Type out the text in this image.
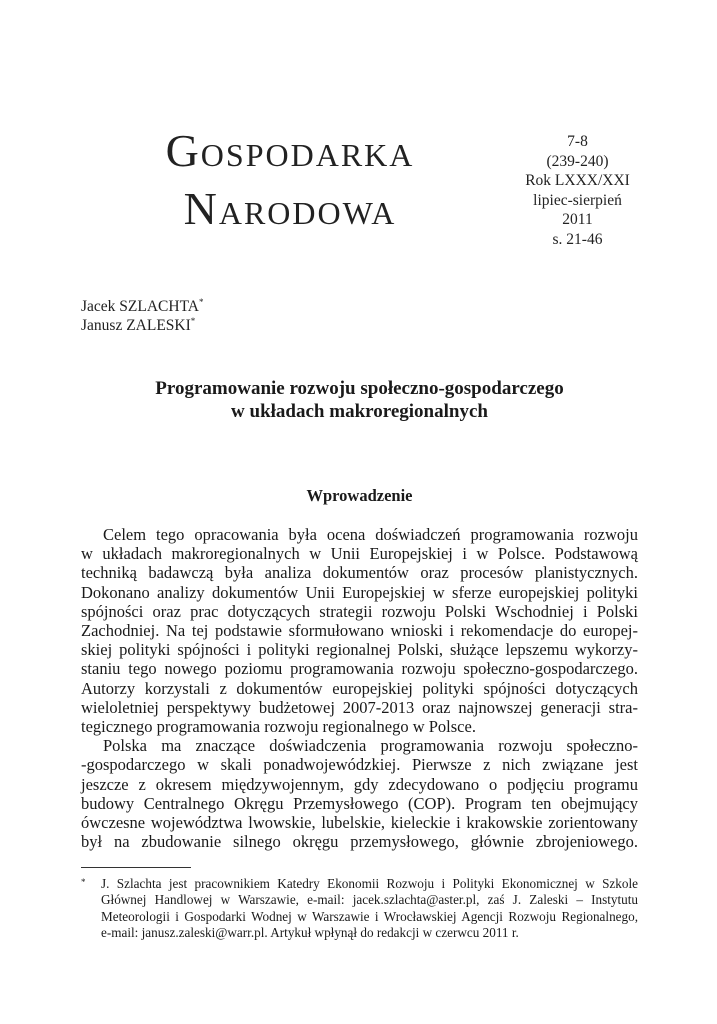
Gospodarka
Narodowa
7-8
(239-240)
Rok LXXX/XXI
lipiec-sierpień
2011
s. 21-46
Jacek SZLACHTA*
Janusz ZALESKI*
Programowanie rozwoju społeczno-gospodarczego
w układach makroregionalnych
Wprowadzenie
Celem tego opracowania była ocena doświadczeń programowania rozwoju
w układach makroregionalnych w Unii Europejskiej i w Polsce. Podstawową
techniką badawczą była analiza dokumentów oraz procesów planistycznych.
Dokonano analizy dokumentów Unii Europejskiej w sferze europejskiej polityki
spójności oraz prac dotyczących strategii rozwoju Polski Wschodniej i Polski
Zachodniej. Na tej podstawie sformułowano wnioski i rekomendacje do europej-
skiej polityki spójności i polityki regionalnej Polski, służące lepszemu wykorzy-
staniu tego nowego poziomu programowania rozwoju społeczno-gospodarczego.
Autorzy korzystali z dokumentów europejskiej polityki spójności dotyczących
wieloletniej perspektywy budżetowej 2007-2013 oraz najnowszej generacji stra-
tegicznego programowania rozwoju regionalnego w Polsce.
Polska ma znaczące doświadczenia programowania rozwoju społeczno-
-gospodarczego w skali ponadwojewódzkiej. Pierwsze z nich związane jest
jeszcze z okresem międzywojennym, gdy zdecydowano o podjęciu programu
budowy Centralnego Okręgu Przemysłowego (COP). Program ten obejmujący
ówczesne województwa lwowskie, lubelskie, kieleckie i krakowskie zorientowany
był na zbudowanie silnego okręgu przemysłowego, głównie zbrojeniowego.
*	J. Szlachta jest pracownikiem Katedry Ekonomii Rozwoju i Polityki Ekonomicznej w Szkole
Głównej Handlowej w Warszawie, e-mail: jacek.szlachta@aster.pl, zaś J. Zaleski – Instytutu
Meteorologii i Gospodarki Wodnej w Warszawie i Wrocławskiej Agencji Rozwoju Regionalnego,
e-mail: janusz.zaleski@warr.pl. Artykuł wpłynął do redakcji w czerwcu 2011 r.
